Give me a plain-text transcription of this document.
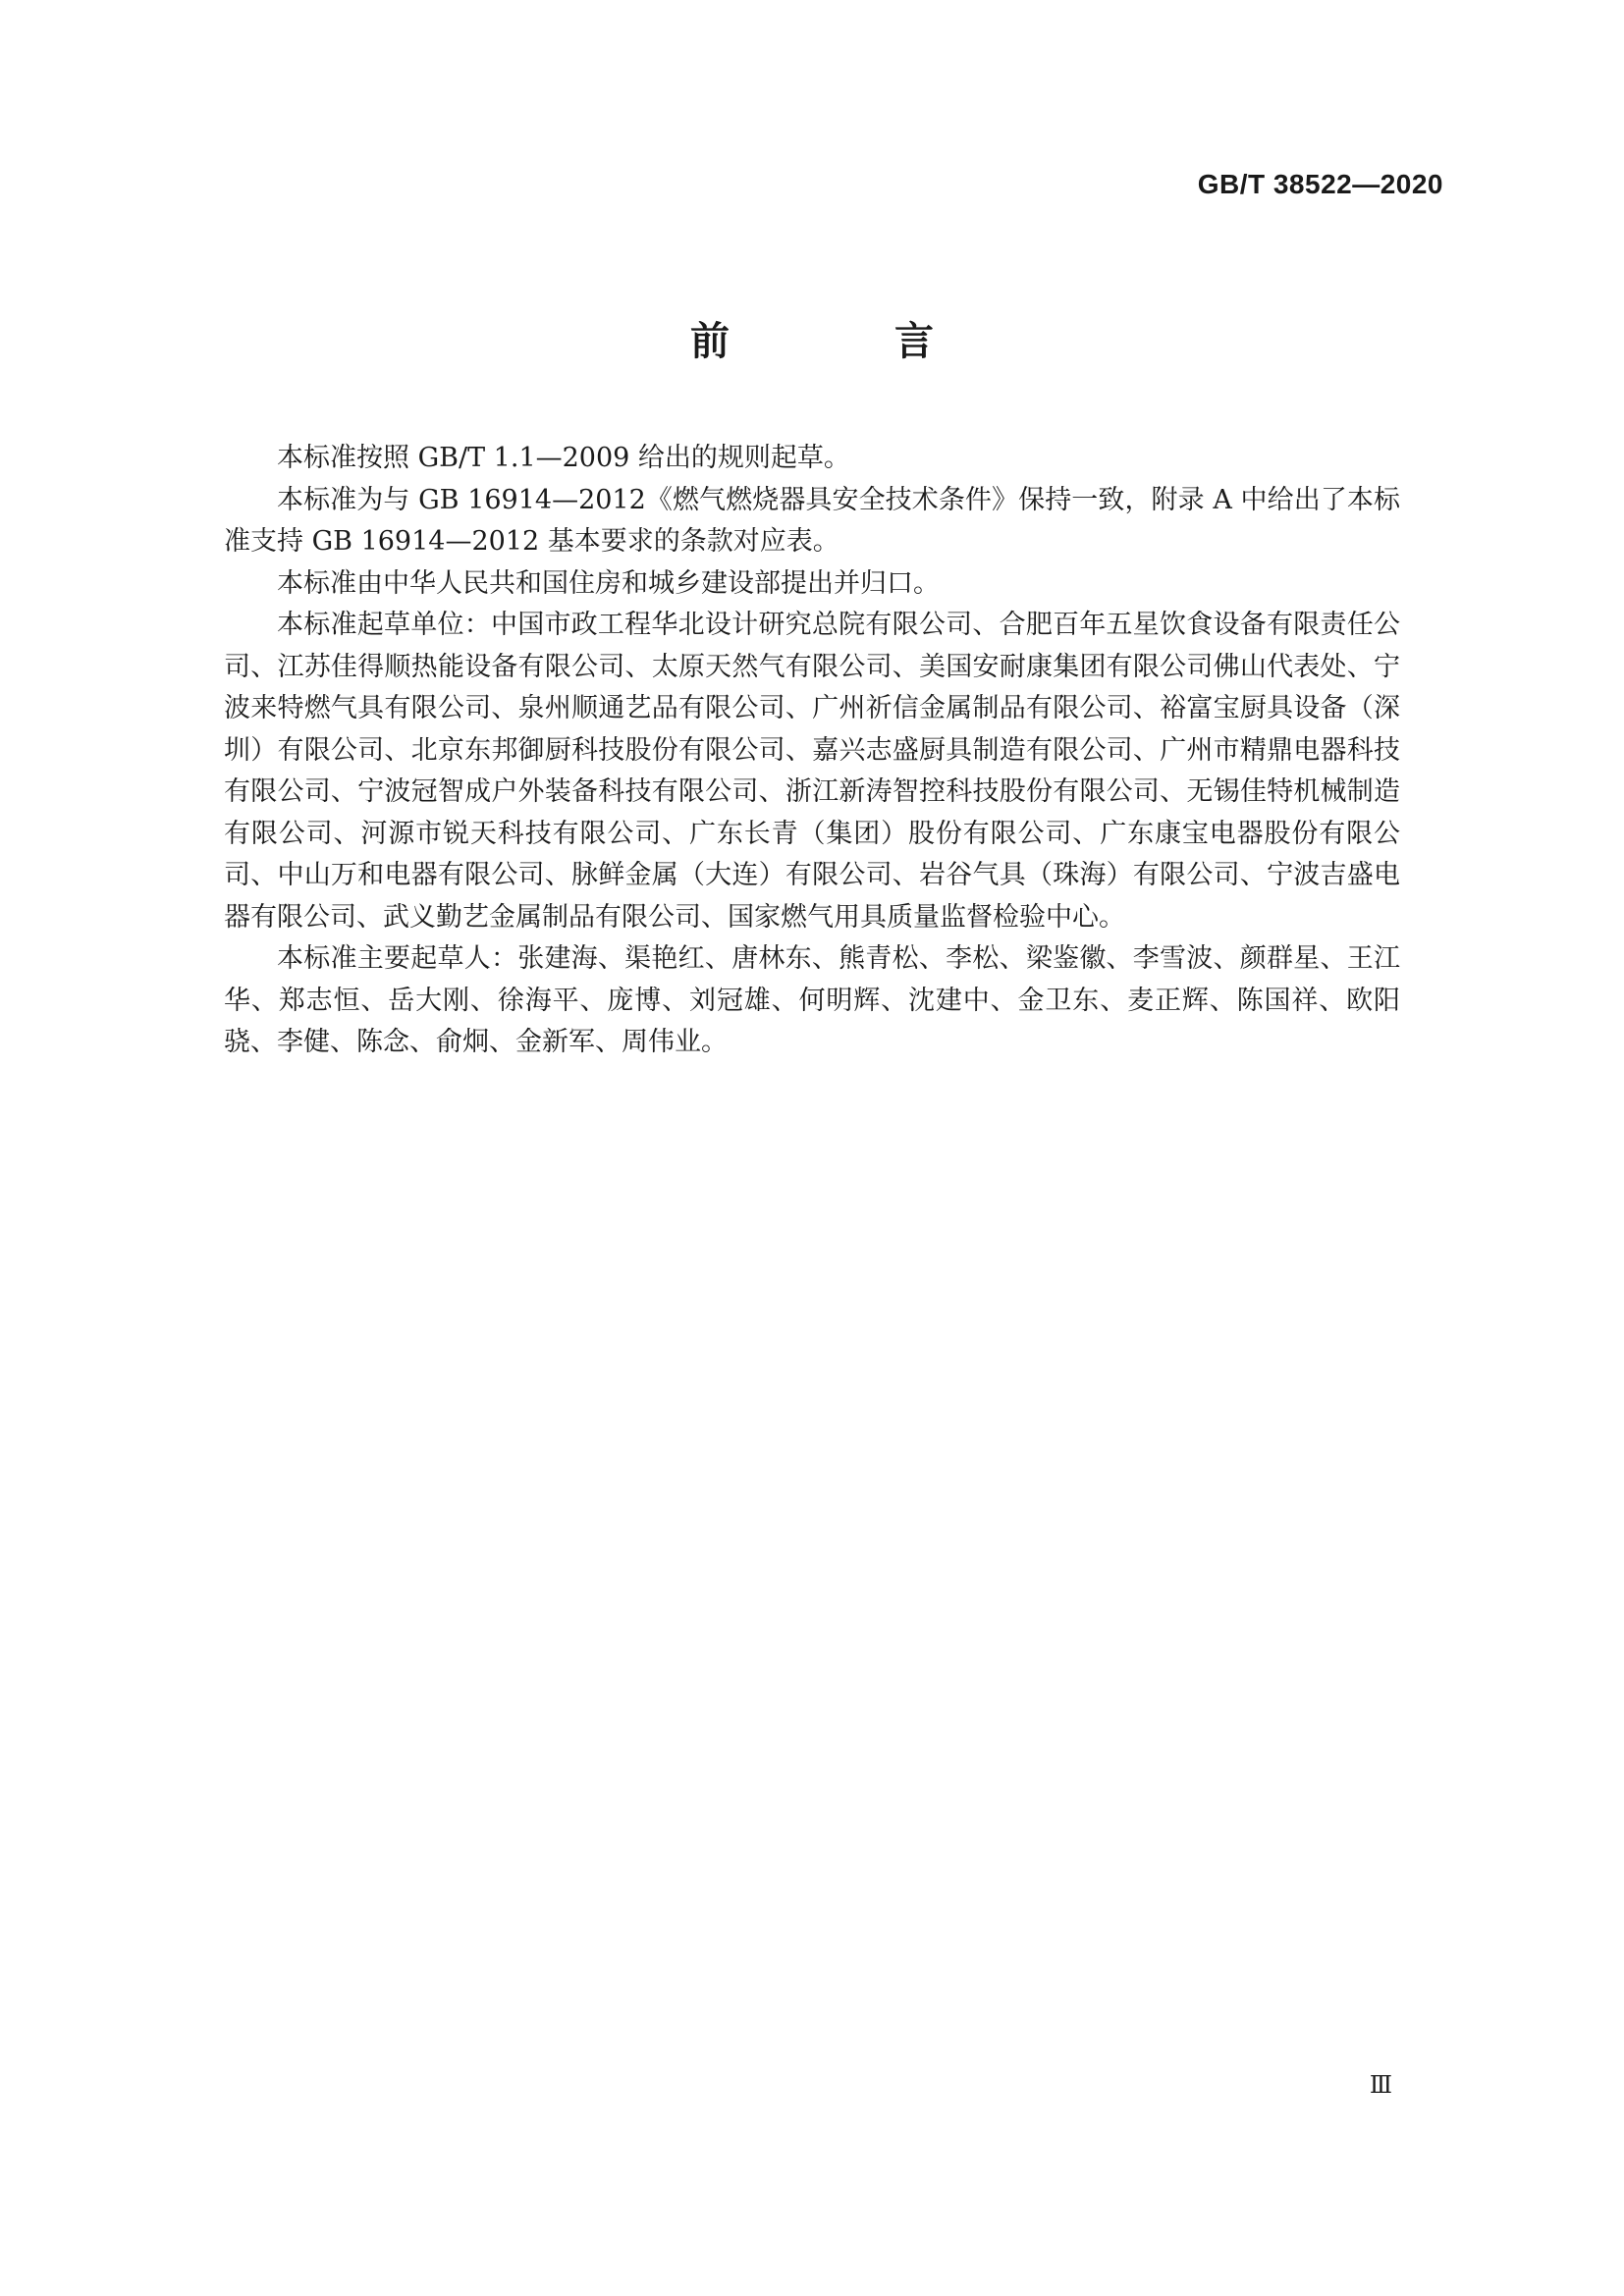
GB/T 38522—2020
前　言

本标准按照 GB/T 1.1—2009 给出的规则起草。

本标准为与 GB 16914—2012《燃气燃烧器具安全技术条件》保持一致，附录 A 中给出了本标准支持 GB 16914—2012 基本要求的条款对应表。

本标准由中华人民共和国住房和城乡建设部提出并归口。

本标准起草单位：中国市政工程华北设计研究总院有限公司、合肥百年五星饮食设备有限责任公司、江苏佳得顺热能设备有限公司、太原天然气有限公司、美国安耐康集团有限公司佛山代表处、宁波来特燃气具有限公司、泉州顺通艺品有限公司、广州祈信金属制品有限公司、裕富宝厨具设备（深圳）有限公司、北京东邦御厨科技股份有限公司、嘉兴志盛厨具制造有限公司、广州市精鼎电器科技有限公司、宁波冠智成户外装备科技有限公司、浙江新涛智控科技股份有限公司、无锡佳特机械制造有限公司、河源市锐天科技有限公司、广东长青（集团）股份有限公司、广东康宝电器股份有限公司、中山万和电器有限公司、脉鲜金属（大连）有限公司、岩谷气具（珠海）有限公司、宁波吉盛电器有限公司、武义勤艺金属制品有限公司、国家燃气用具质量监督检验中心。

本标准主要起草人：张建海、渠艳红、唐林东、熊青松、李松、梁鉴徽、李雪波、颜群星、王江华、郑志恒、岳大刚、徐海平、庞博、刘冠雄、何明辉、沈建中、金卫东、麦正辉、陈国祥、欧阳骁、李健、陈念、俞炯、金新军、周伟业。

Ⅲ
